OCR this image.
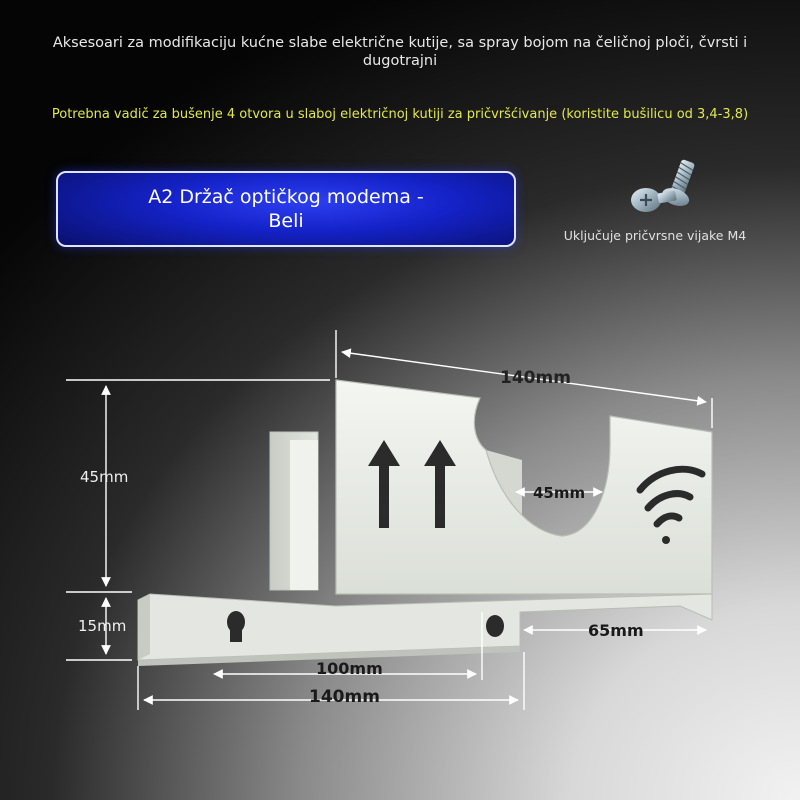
Aksesoari za modifikaciju kućne slabe električne kutije, sa spray bojom na čeličnoj ploči, čvrsti i dugotrajni
Potrebna vadič za bušenje 4 otvora u slaboj električnoj kutiji za pričvršćivanje (koristite bušilicu od 3,4-3,8)
A2 Držač optičkog modema - Beli
Uključuje pričvrsne vijake M4
140mm
45mm
45mm
15mm	65mm
100mm
140mm
